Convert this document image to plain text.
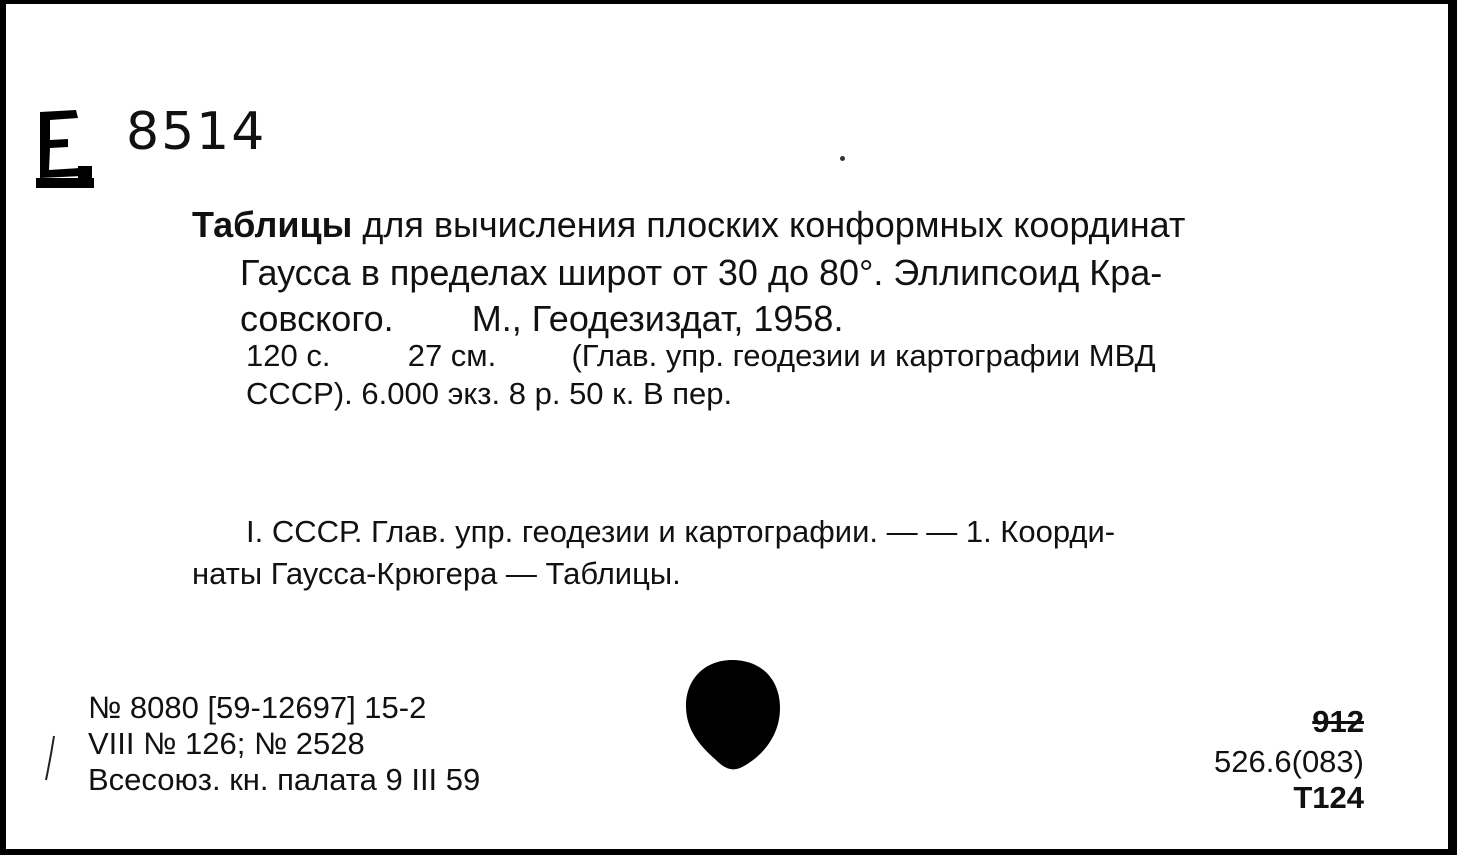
8514
Таблицы для вычисления плоских конформных координат
Гаусса в пределах широт от 30 до 80°. Эллипсоид Кра-
совского. М., Геодезиздат, 1958.
120 с. 27 см. (Глав. упр. геодезии и картографии МВД
СССР). 6.000 экз. 8 р. 50 к. В пер.
I. СССР. Глав. упр. геодезии и картографии. — — 1. Коорди-
наты Гаусса-Крюгера — Таблицы.
№ 8080 [59-12697] 15-2
VIII № 126; № 2528
Всесоюз. кн. палата 9 III 59
912
526.6(083)
Т124
